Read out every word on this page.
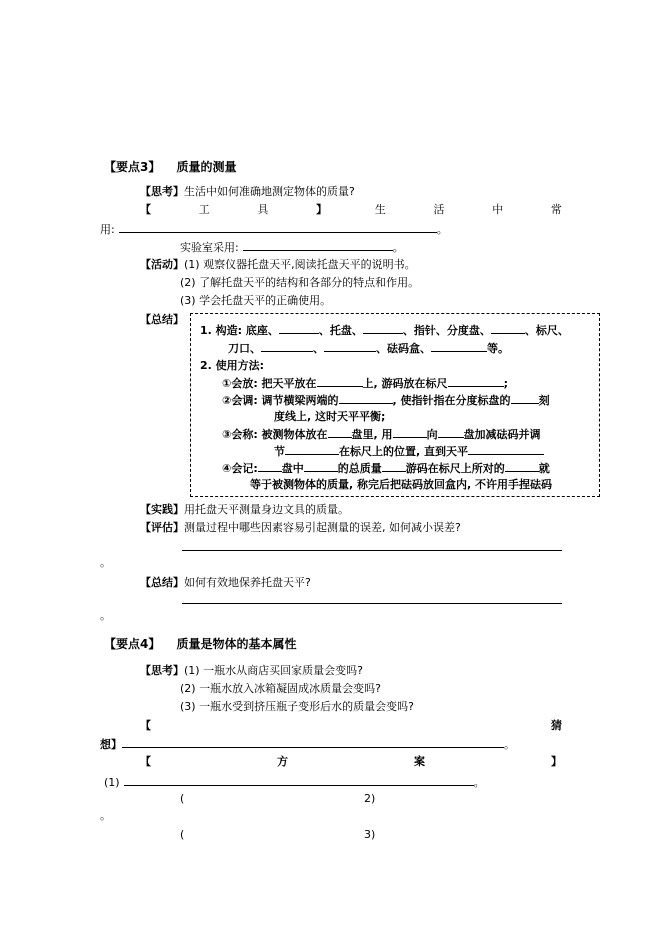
【要点3】 质量的测量
【思考】生活中如何准确地测定物体的质量?
【	工	具	】	生	活	中	常
用:	。
实验室采用:	。
【活动】(1) 观察仪器托盘天平,阅读托盘天平的说明书。
(2) 了解托盘天平的结构和各部分的特点和作用。
(3) 学会托盘天平的正确使用。
【总结】
1. 构造: 底座、	、托盘、	、指针、分度盘、	、标尺、
刀口、	、	、砝码盒、	等。
2. 使用方法:
①会放: 把天平放在	上, 游码放在标尺	;
②会调: 调节横梁两端的	, 使指针指在分度标盘的	刻
度线上, 这时天平平衡;
③会称: 被测物体放在 盘里, 用	向 盘加减砝码并调
节	在标尺上的位置, 直到天平
④会记: 盘中	的总质量 游码在标尺上所对的	就
等于被测物体的质量, 称完后把砝码放回盒内, 不许用手捏砝码
【实践】用托盘天平测量身边文具的质量。
【评估】测量过程中哪些因素容易引起测量的误差, 如何减小误差?
。
【总结】如何有效地保养托盘天平?
。
【要点4】 质量是物体的基本属性
【思考】(1) 一瓶水从商店买回家质量会变吗?
(2) 一瓶水放入冰箱凝固成冰质量会变吗?
(3) 一瓶水受到挤压瓶子变形后水的质量会变吗?
【	猜
想】	。
【	方	案	】
(1)	。
(	2)
。
(	3)
